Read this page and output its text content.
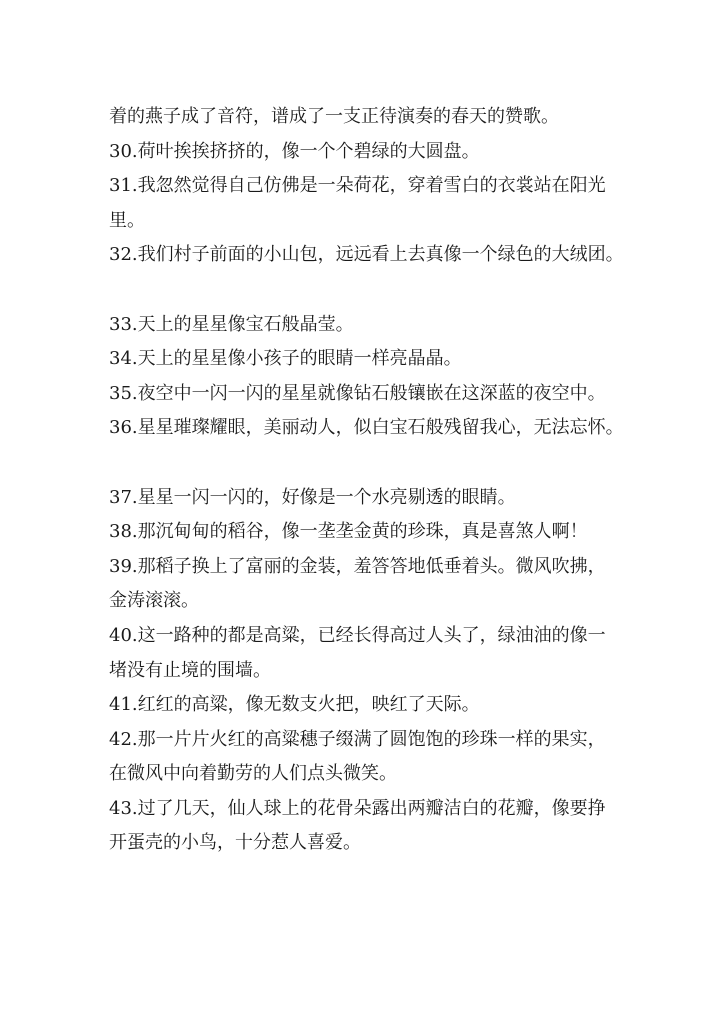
着的燕子成了音符，谱成了一支正待演奏的春天的赞歌。

30.荷叶挨挨挤挤的，像一个个碧绿的大圆盘。

31.我忽然觉得自己仿佛是一朵荷花，穿着雪白的衣裳站在阳光

里。

32.我们村子前面的小山包，远远看上去真像一个绿色的大绒团。

33.天上的星星像宝石般晶莹。

34.天上的星星像小孩子的眼睛一样亮晶晶。

35.夜空中一闪一闪的星星就像钻石般镶嵌在这深蓝的夜空中。

36.星星璀璨耀眼，美丽动人，似白宝石般残留我心，无法忘怀。

37.星星一闪一闪的，好像是一个水亮剔透的眼睛。

38.那沉甸甸的稻谷，像一垄垄金黄的珍珠，真是喜煞人啊！

39.那稻子换上了富丽的金装，羞答答地低垂着头。微风吹拂，

金涛滚滚。

40.这一路种的都是高粱，已经长得高过人头了，绿油油的像一

堵没有止境的围墙。

41.红红的高粱，像无数支火把，映红了天际。

42.那一片片火红的高粱穗子缀满了圆饱饱的珍珠一样的果实，

在微风中向着勤劳的人们点头微笑。

43.过了几天，仙人球上的花骨朵露出两瓣洁白的花瓣，像要挣

开蛋壳的小鸟，十分惹人喜爱。
